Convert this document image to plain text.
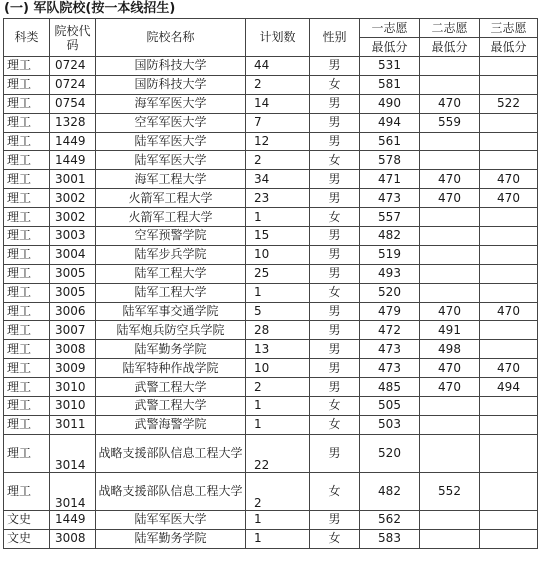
(一) 军队院校(按一本线招生)
科类	院校代码	院校名称	计划数	性别	一志愿	二志愿	三志愿
					最低分	最低分	最低分
理工	0724	国防科技大学	44	男	531		
理工	0724	国防科技大学	2	女	581		
理工	0754	海军军医大学	14	男	490	470	522
理工	1328	空军军医大学	7	男	494	559	
理工	1449	陆军军医大学	12	男	561		
理工	1449	陆军军医大学	2	女	578		
理工	3001	海军工程大学	34	男	471	470	470
理工	3002	火箭军工程大学	23	男	473	470	470
理工	3002	火箭军工程大学	1	女	557		
理工	3003	空军预警学院	15	男	482		
理工	3004	陆军步兵学院	10	男	519		
理工	3005	陆军工程大学	25	男	493		
理工	3005	陆军工程大学	1	女	520		
理工	3006	陆军军事交通学院	5	男	479	470	470
理工	3007	陆军炮兵防空兵学院	28	男	472	491	
理工	3008	陆军勤务学院	13	男	473	498	
理工	3009	陆军特种作战学院	10	男	473	470	470
理工	3010	武警工程大学	2	男	485	470	494
理工	3010	武警工程大学	1	女	505		
理工	3011	武警海警学院	1	女	503		
理工	3014	战略支援部队信息工程大学	22	男	520		
理工	3014	战略支援部队信息工程大学	2	女	482	552	
文史	1449	陆军军医大学	1	男	562		
文史	3008	陆军勤务学院	1	女	583		
